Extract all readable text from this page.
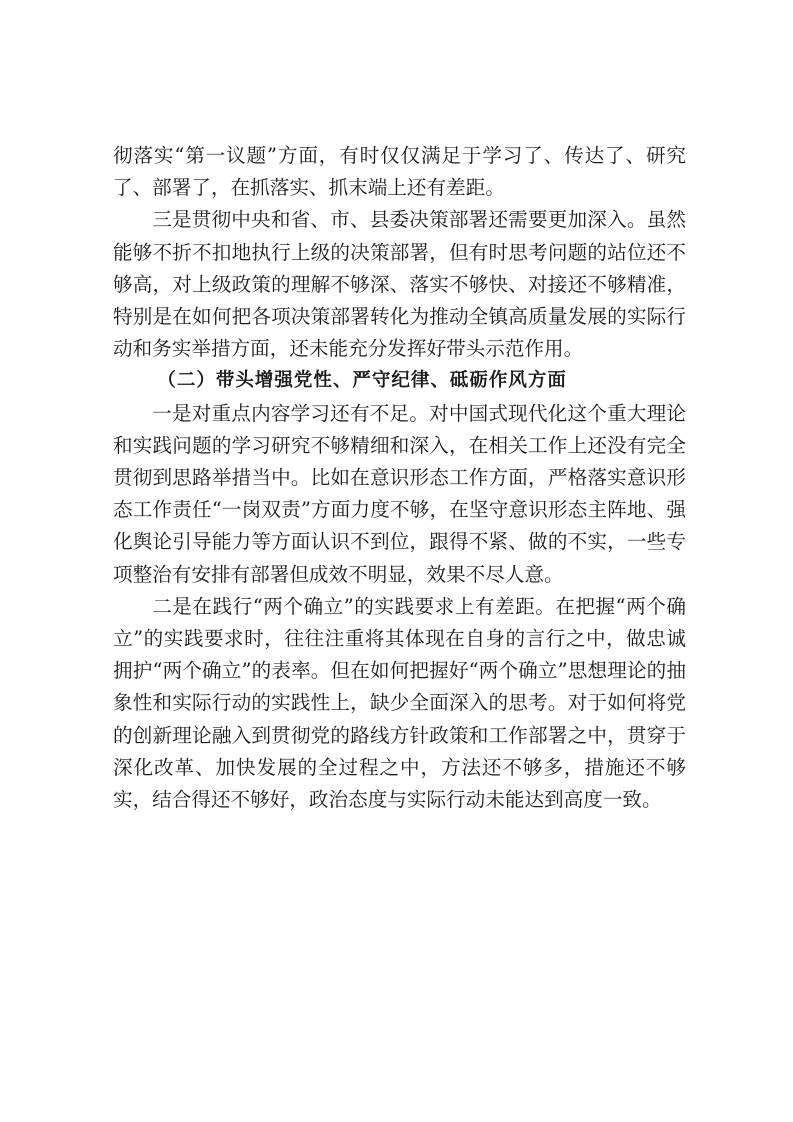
彻落实“第一议题”方面，有时仅仅满足于学习了、传达了、研究了、部署了，在抓落实、抓末端上还有差距。

三是贯彻中央和省、市、县委决策部署还需要更加深入。虽然能够不折不扣地执行上级的决策部署，但有时思考问题的站位还不够高，对上级政策的理解不够深、落实不够快、对接还不够精准，特别是在如何把各项决策部署转化为推动全镇高质量发展的实际行动和务实举措方面，还未能充分发挥好带头示范作用。

（二）带头增强党性、严守纪律、砥砺作风方面

一是对重点内容学习还有不足。对中国式现代化这个重大理论和实践问题的学习研究不够精细和深入，在相关工作上还没有完全贯彻到思路举措当中。比如在意识形态工作方面，严格落实意识形态工作责任“一岗双责”方面力度不够，在坚守意识形态主阵地、强化舆论引导能力等方面认识不到位，跟得不紧、做的不实，一些专项整治有安排有部署但成效不明显，效果不尽人意。

二是在践行“两个确立”的实践要求上有差距。在把握“两个确立”的实践要求时，往往注重将其体现在自身的言行之中，做忠诚拥护“两个确立”的表率。但在如何把握好“两个确立”思想理论的抽象性和实际行动的实践性上，缺少全面深入的思考。对于如何将党的创新理论融入到贯彻党的路线方针政策和工作部署之中，贯穿于深化改革、加快发展的全过程之中，方法还不够多，措施还不够实，结合得还不够好，政治态度与实际行动未能达到高度一致。
